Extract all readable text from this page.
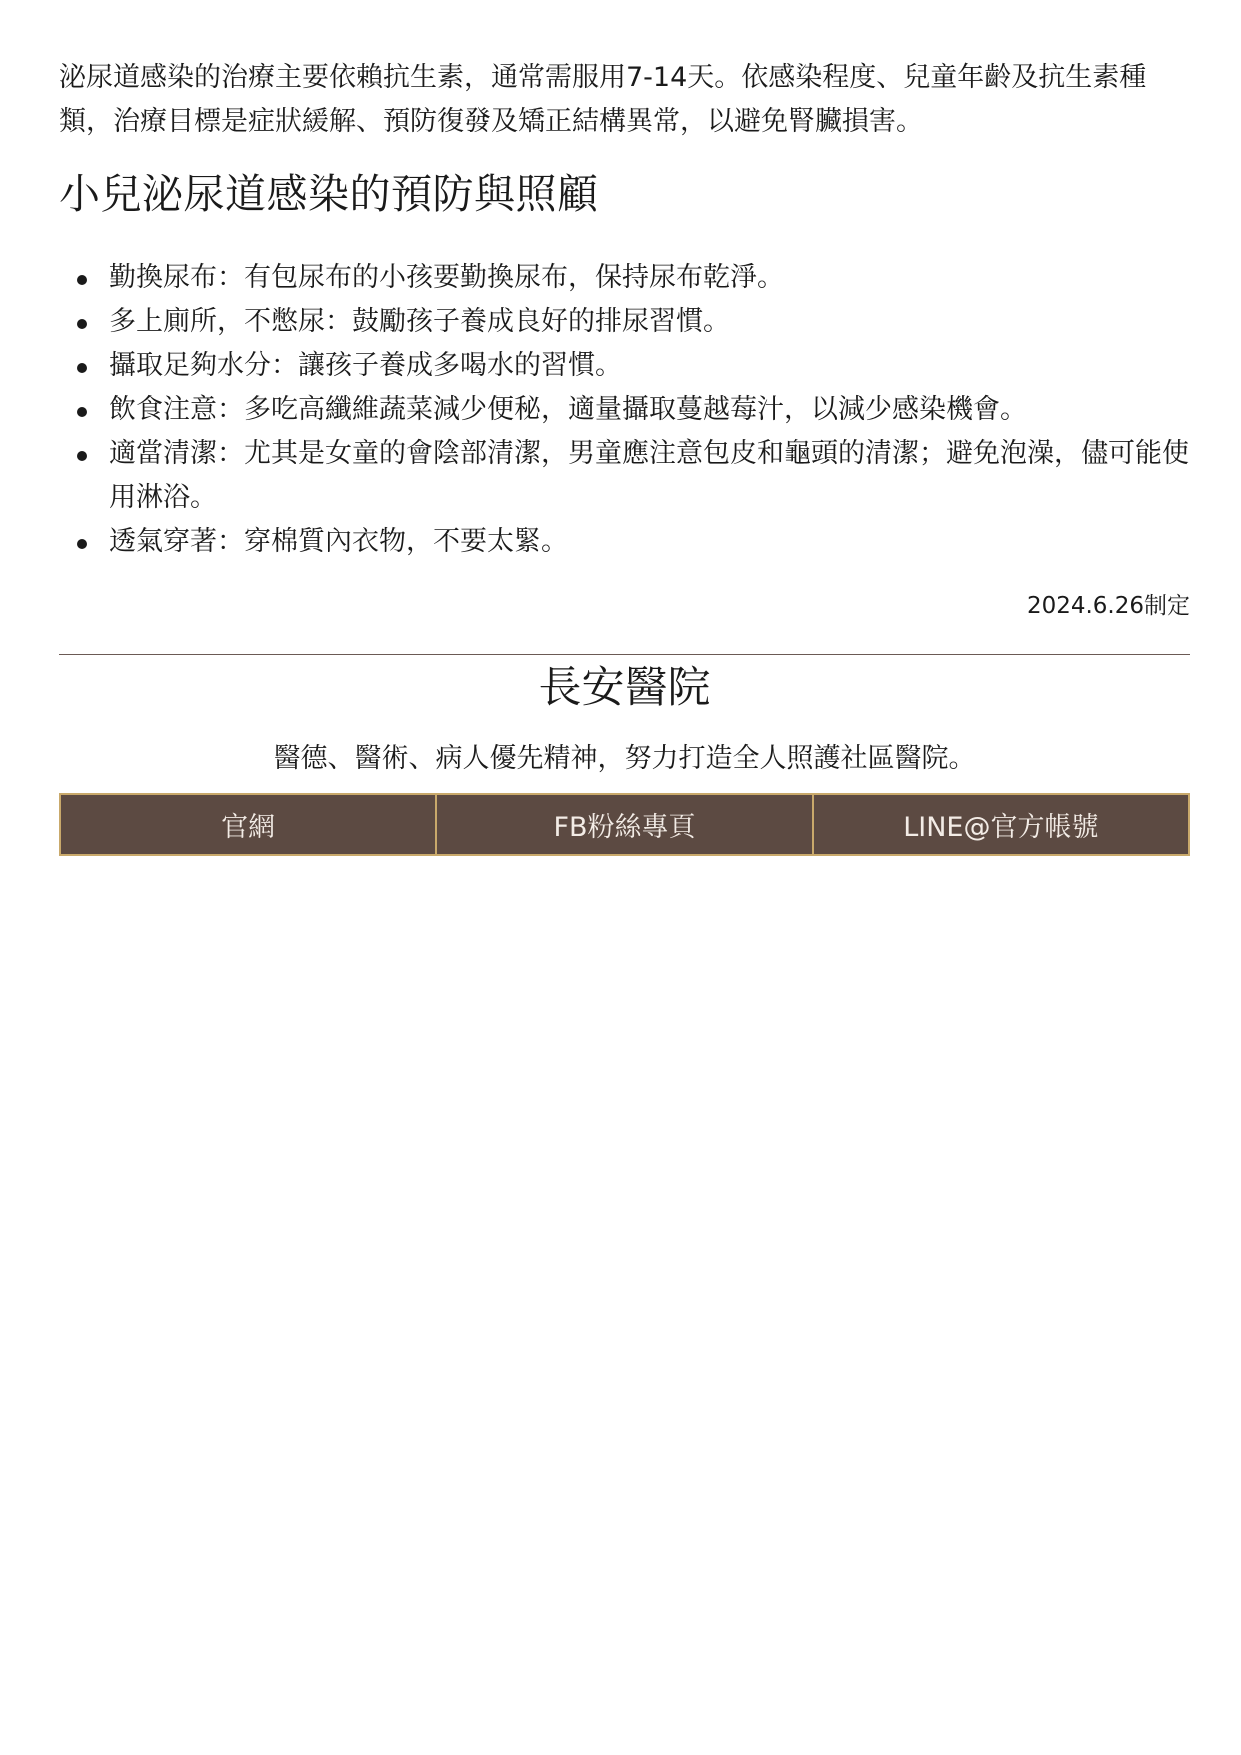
泌尿道感染的治療主要依賴抗生素，通常需服用7-14天。依感染程度、兒童年齡及抗生素種類，治療目標是症狀緩解、預防復發及矯正結構異常，以避免腎臟損害。

小兒泌尿道感染的預防與照顧
勤換尿布：有包尿布的小孩要勤換尿布，保持尿布乾淨。
多上廁所，不憋尿：鼓勵孩子養成良好的排尿習慣。
攝取足夠水分：讓孩子養成多喝水的習慣。
飲食注意：多吃高纖維蔬菜減少便秘，適量攝取蔓越莓汁，以減少感染機會。
適當清潔：尤其是女童的會陰部清潔，男童應注意包皮和龜頭的清潔；避免泡澡，儘可能使用淋浴。
透氣穿著：穿棉質內衣物，不要太緊。
2024.6.26制定
長安醫院
醫德、醫術、病人優先精神，努力打造全人照護社區醫院。
官網	FB粉絲專頁	LINE@官方帳號
